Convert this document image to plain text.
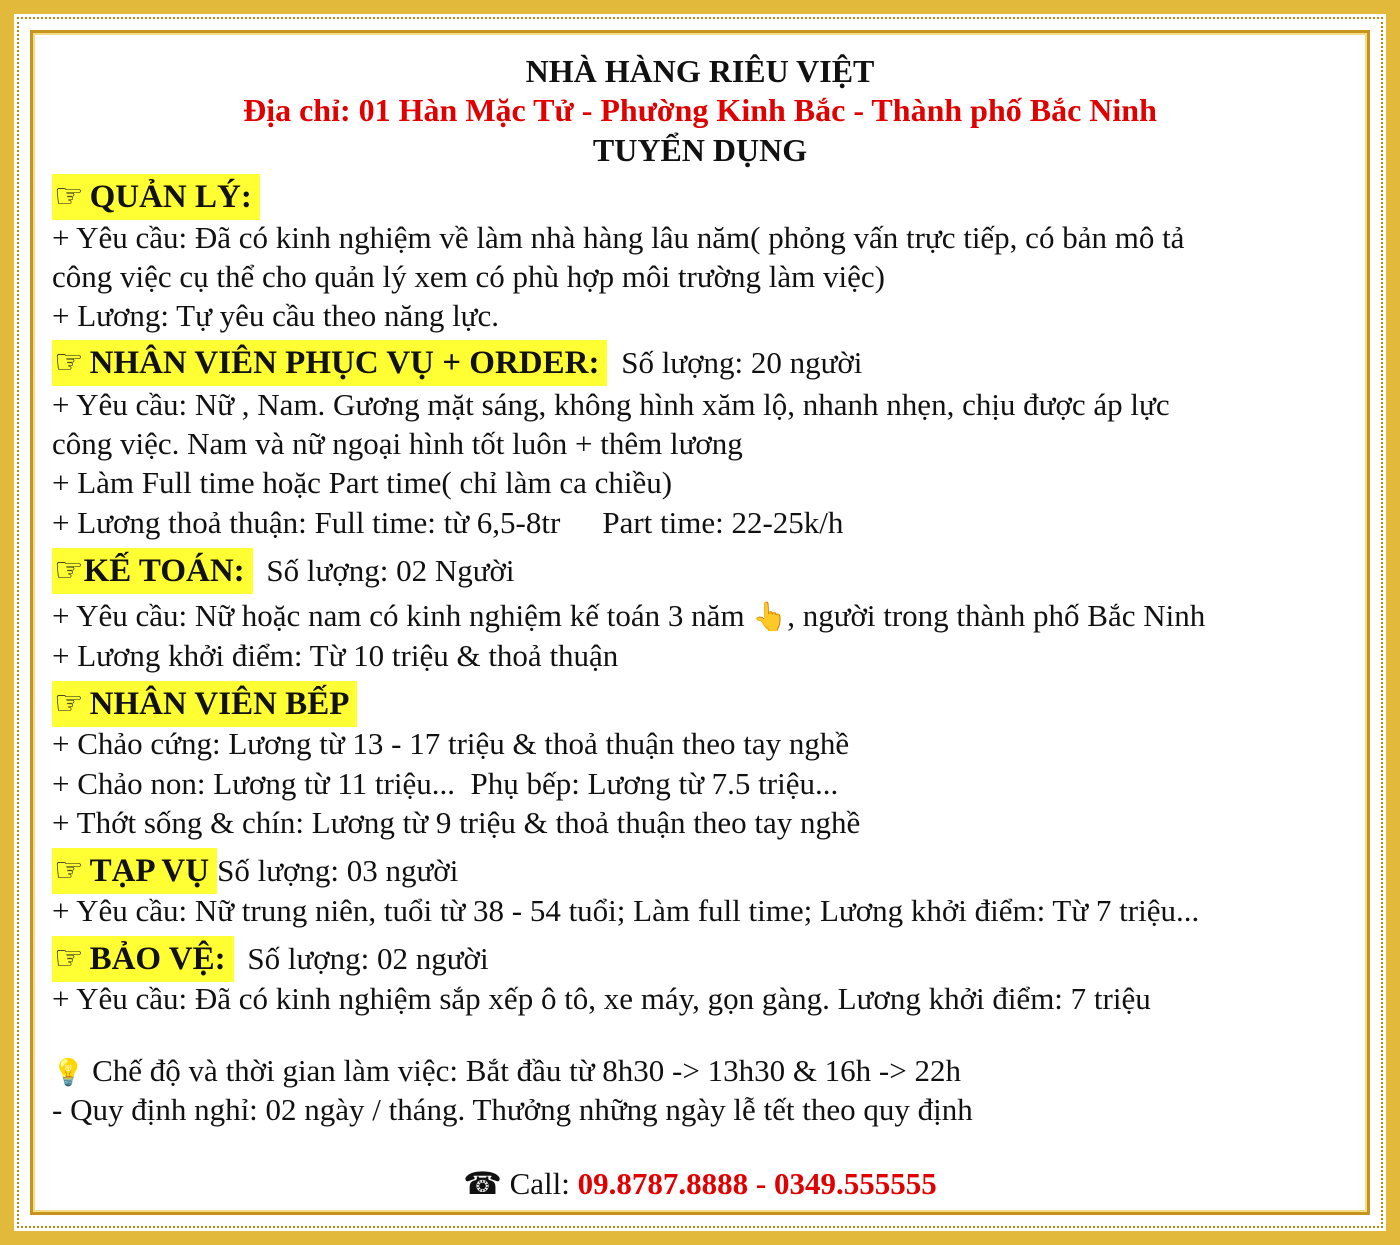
NHÀ HÀNG RIÊU VIỆT
Địa chỉ: 01 Hàn Mặc Tử - Phường Kinh Bắc - Thành phố Bắc Ninh
TUYỂN DỤNG
☞ QUẢN LÝ:
+ Yêu cầu: Đã có kinh nghiệm về làm nhà hàng lâu năm( phỏng vấn trực tiếp, có bản mô tả
công việc cụ thể cho quản lý xem có phù hợp môi trường làm việc)
+ Lương: Tự yêu cầu theo năng lực.
☞ NHÂN VIÊN PHỤC VỤ + ORDER: Số lượng: 20 người
+ Yêu cầu: Nữ , Nam. Gương mặt sáng, không hình xăm lộ, nhanh nhẹn, chịu được áp lực
công việc. Nam và nữ ngoại hình tốt luôn + thêm lương
+ Làm Full time hoặc Part time( chỉ làm ca chiều)
+ Lương thoả thuận: Full time: từ 6,5-8tr Part time: 22-25k/h
☞KẾ TOÁN: Số lượng: 02 Người
+ Yêu cầu: Nữ hoặc nam có kinh nghiệm kế toán 3 năm 👆, người trong thành phố Bắc Ninh
+ Lương khởi điểm: Từ 10 triệu & thoả thuận
☞ NHÂN VIÊN BẾP
+ Chảo cứng: Lương từ 13 - 17 triệu & thoả thuận theo tay nghề
+ Chảo non: Lương từ 11 triệu... Phụ bếp: Lương từ 7.5 triệu...
+ Thớt sống & chín: Lương từ 9 triệu & thoả thuận theo tay nghề
☞ TẠP VỤ Số lượng: 03 người
+ Yêu cầu: Nữ trung niên, tuổi từ 38 - 54 tuổi; Làm full time; Lương khởi điểm: Từ 7 triệu...
☞ BẢO VỆ: Số lượng: 02 người
+ Yêu cầu: Đã có kinh nghiệm sắp xếp ô tô, xe máy, gọn gàng. Lương khởi điểm: 7 triệu
💡 Chế độ và thời gian làm việc: Bắt đầu từ 8h30 -> 13h30 & 16h -> 22h
- Quy định nghỉ: 02 ngày / tháng. Thưởng những ngày lễ tết theo quy định
☎ Call: 09.8787.8888 - 0349.555555
